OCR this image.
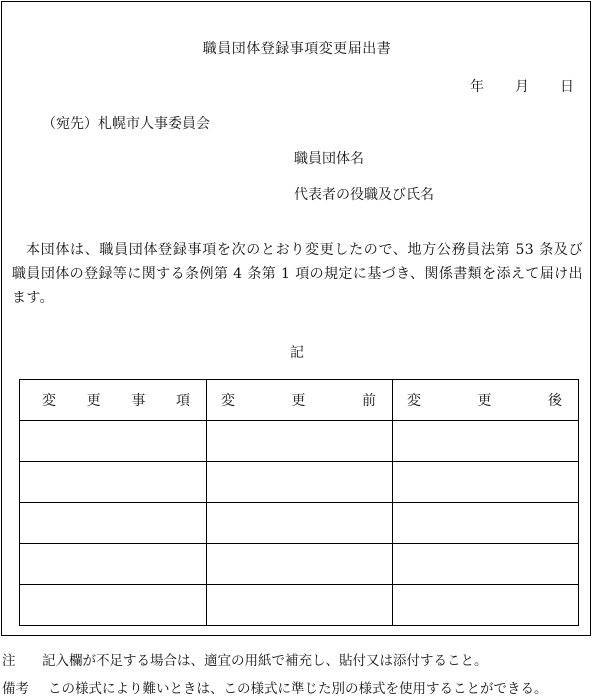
職員団体登録事項変更届出書
年 月 日
（宛先）札幌市人事委員会
職員団体名
代表者の役職及び氏名
本団体は、職員団体登録事項を次のとおり変更したので、地方公務員法第 53 条及び職員団体の登録等に関する条例第 4 条第 1 項の規定に基づき、関係書類を添えて届け出ます。
記
変 更 事 項	変 更 前	変 更 後

注 記入欄が不足する場合は、適宜の用紙で補充し、貼付又は添付すること。
備考 この様式により難いときは、この様式に準じた別の様式を使用することができる。
